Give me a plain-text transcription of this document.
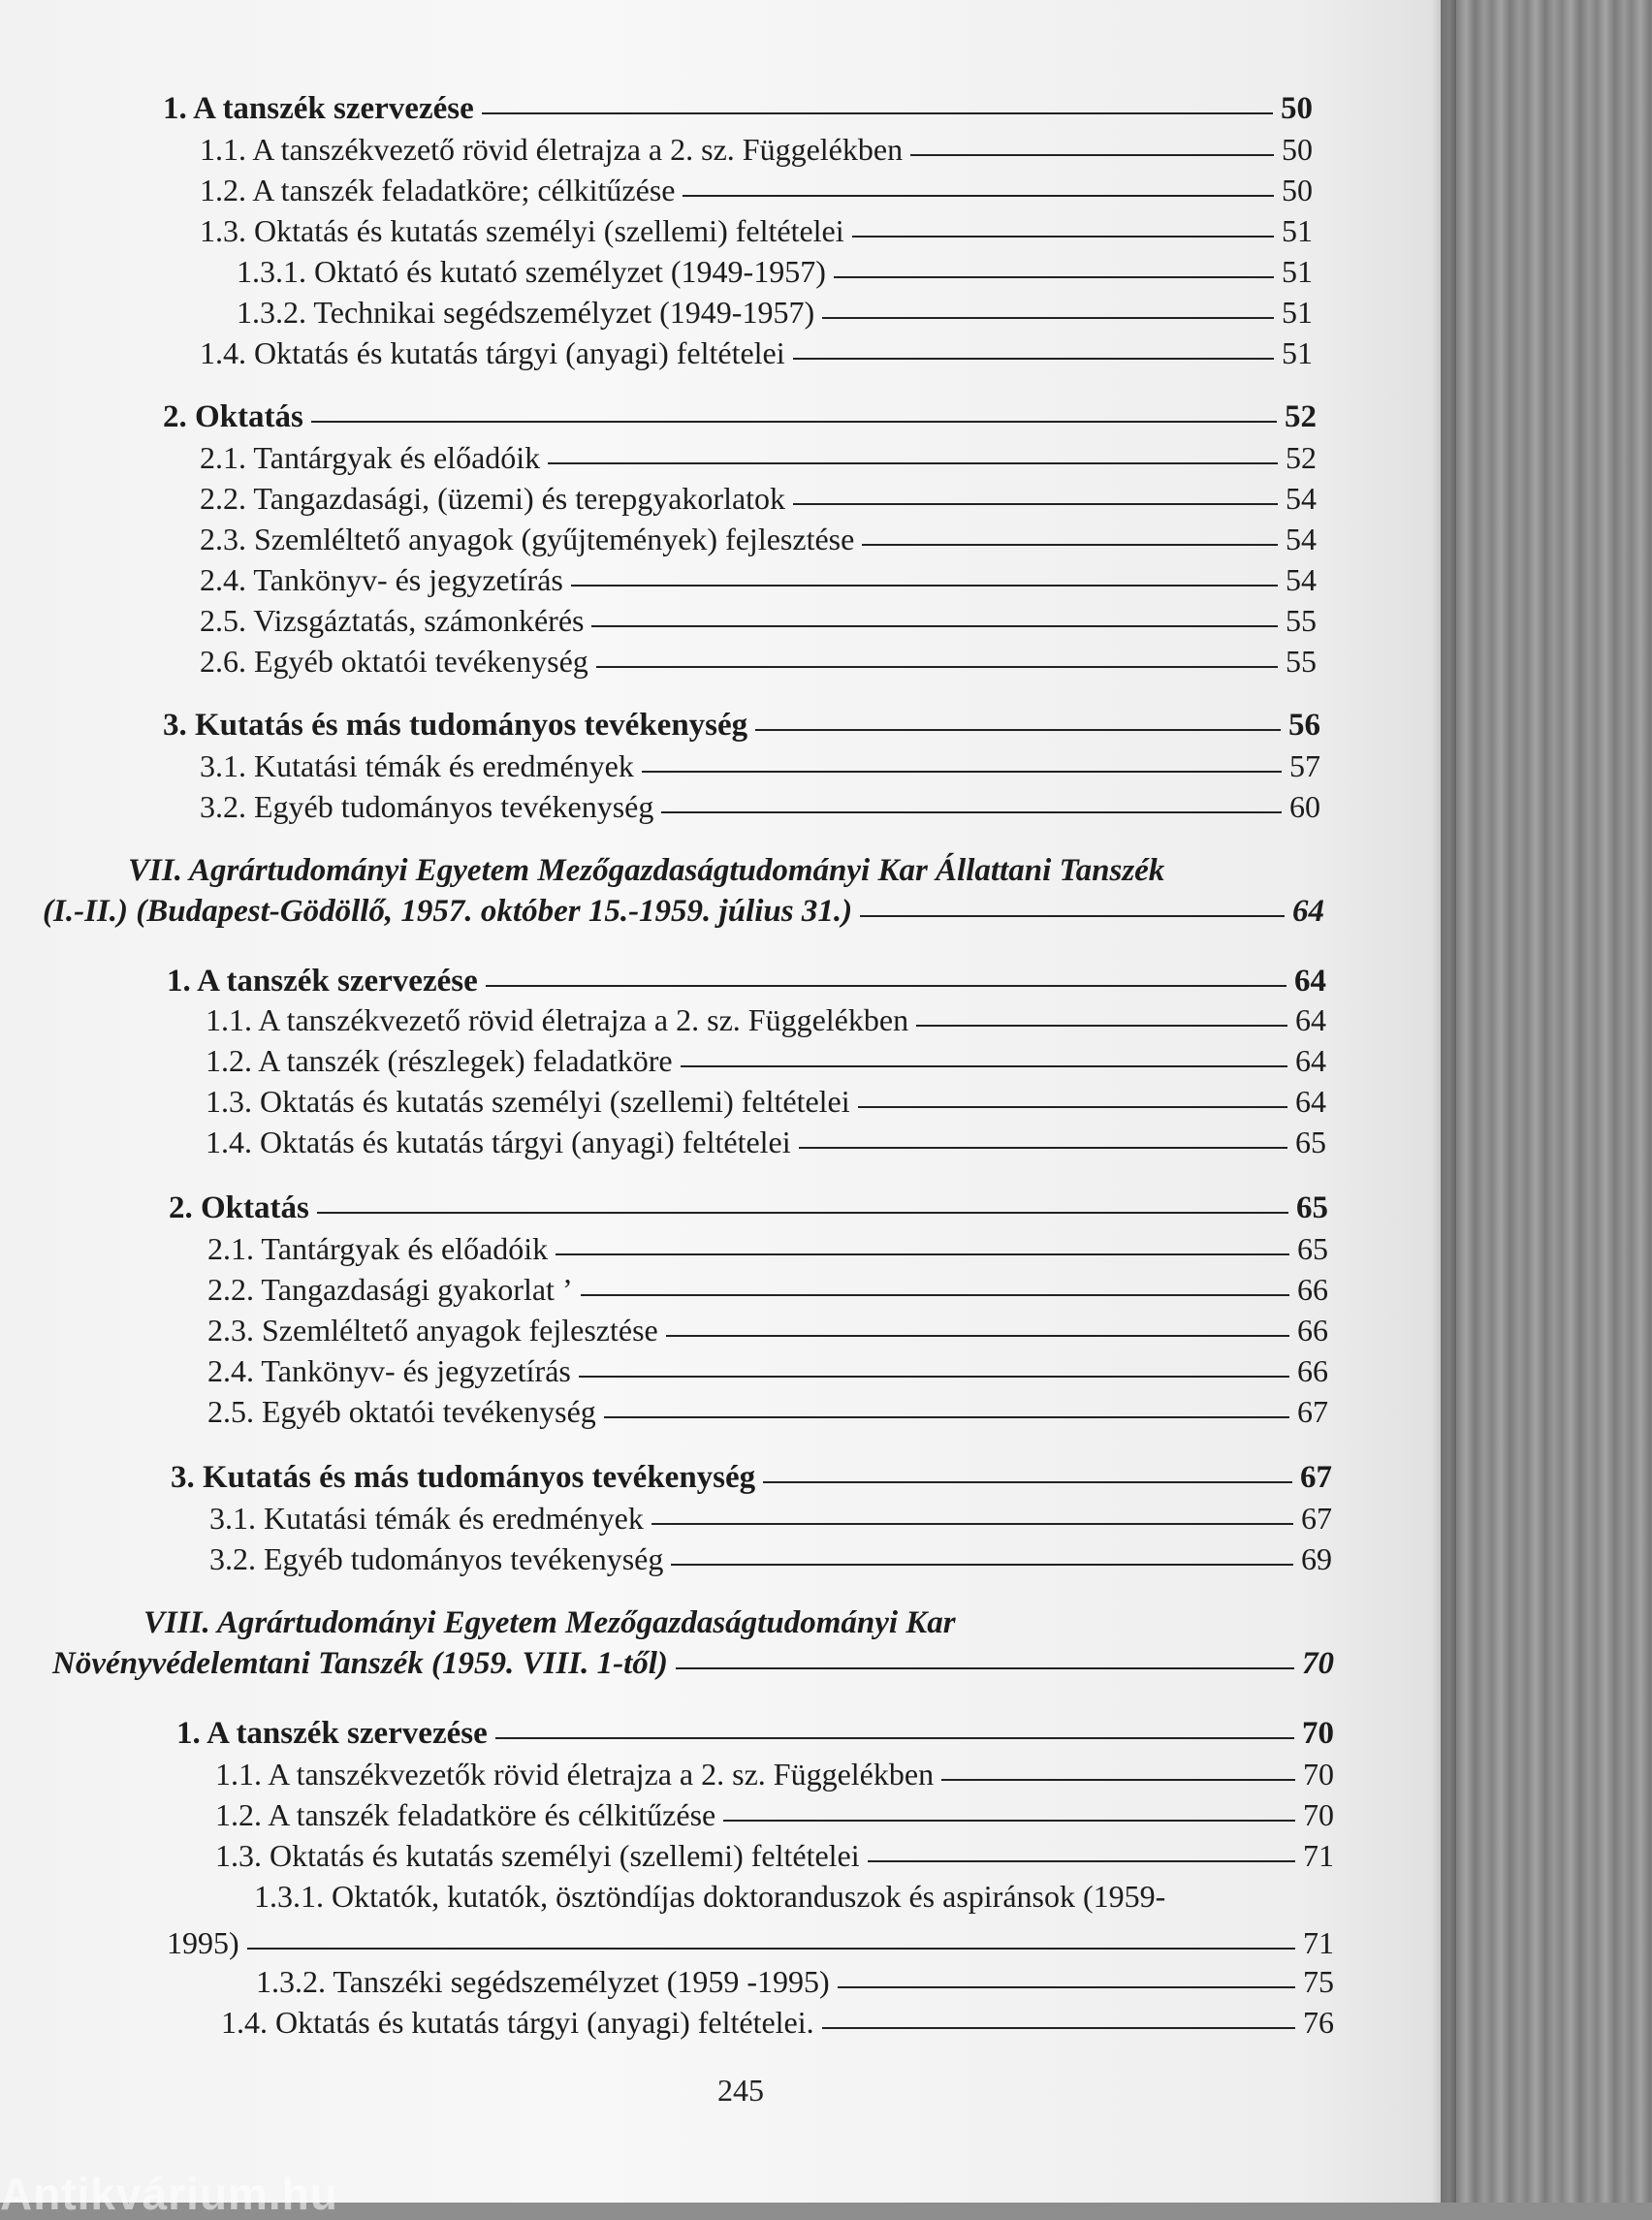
1. A tanszék szervezése	50
1.1. A tanszékvezető rövid életrajza a 2. sz. Függelékben	50
1.2. A tanszék feladatköre; célkitűzése	50
1.3. Oktatás és kutatás személyi (szellemi) feltételei	51
1.3.1. Oktató és kutató személyzet (1949-1957)	51
1.3.2. Technikai segédszemélyzet (1949-1957)	51
1.4. Oktatás és kutatás tárgyi (anyagi) feltételei	51
2. Oktatás	52
2.1. Tantárgyak és előadóik	52
2.2. Tangazdasági, (üzemi) és terepgyakorlatok	54
2.3. Szemléltető anyagok (gyűjtemények) fejlesztése	54
2.4. Tankönyv- és jegyzetírás	54
2.5. Vizsgáztatás, számonkérés	55
2.6. Egyéb oktatói tevékenység	55
3. Kutatás és más tudományos tevékenység	56
3.1. Kutatási témák és eredmények	57
3.2. Egyéb tudományos tevékenység	60
VII. Agrártudományi Egyetem Mezőgazdaságtudományi Kar Állattani Tanszék
(I.-II.) (Budapest-Gödöllő, 1957. október 15.-1959. július 31.)	64
1. A tanszék szervezése	64
1.1. A tanszékvezető rövid életrajza a 2. sz. Függelékben	64
1.2. A tanszék (részlegek) feladatköre	64
1.3. Oktatás és kutatás személyi (szellemi) feltételei	64
1.4. Oktatás és kutatás tárgyi (anyagi) feltételei	65
2. Oktatás	65
2.1. Tantárgyak és előadóik	65
2.2. Tangazdasági gyakorlat ’	66
2.3. Szemléltető anyagok fejlesztése	66
2.4. Tankönyv- és jegyzetírás	66
2.5. Egyéb oktatói tevékenység	67
3. Kutatás és más tudományos tevékenység	67
3.1. Kutatási témák és eredmények	67
3.2. Egyéb tudományos tevékenység	69
VIII. Agrártudományi Egyetem Mezőgazdaságtudományi Kar
Növényvédelemtani Tanszék (1959. VIII. 1-től)	70
1. A tanszék szervezése	70
1.1. A tanszékvezetők rövid életrajza a 2. sz. Függelékben	70
1.2. A tanszék feladatköre és célkitűzése	70
1.3. Oktatás és kutatás személyi (szellemi) feltételei	71
1.3.1. Oktatók, kutatók, ösztöndíjas doktoranduszok és aspiránsok (1959-
1995)	71
1.3.2. Tanszéki segédszemélyzet (1959 -1995)	75
1.4. Oktatás és kutatás tárgyi (anyagi) feltételei.	76
245
Antikvárium.hu
